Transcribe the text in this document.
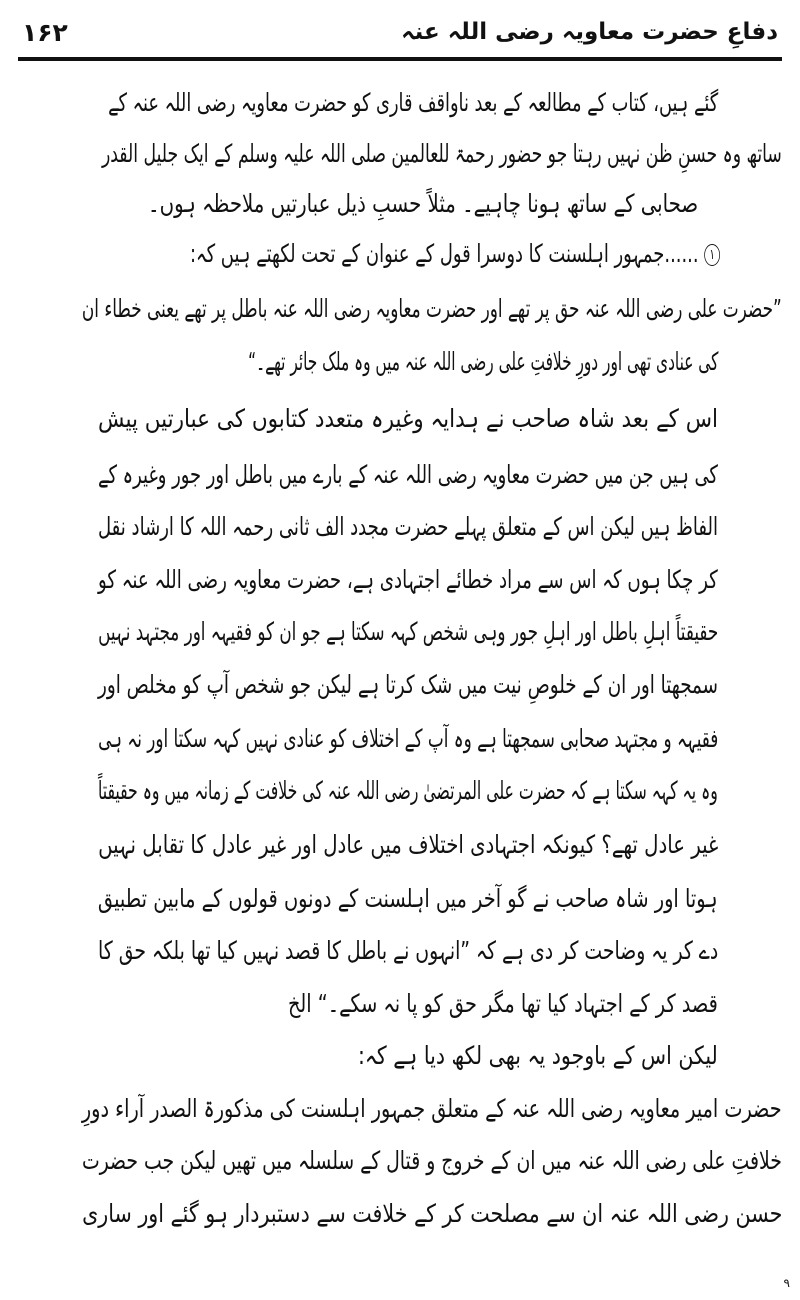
دفاعِ حضرت معاویہ رضی اللہ عنہ
۱۶۲
گئے ہیں، کتاب کے مطالعہ کے بعد ناواقف قاری کو حضرت معاویہ رضی اللہ عنہ کے
ساتھ وہ حسنِ ظن نہیں رہتا جو حضور رحمۃ للعالمین صلی اللہ علیہ وسلم کے ایک جلیل القدر
صحابی کے ساتھ ہونا چاہیے۔ مثلاً حسبِ ذیل عبارتیں ملاحظہ ہوں۔
۱ ......جمہور اہلسنت کا دوسرا قول کے عنوان کے تحت لکھتے ہیں کہ:
”حضرت علی رضی اللہ عنہ حق پر تھے اور حضرت معاویہ رضی اللہ عنہ باطل پر تھے یعنی خطاء ان
کی عنادی تھی اور دورِ خلافتِ علی رضی اللہ عنہ میں وہ ملک جائر تھے۔“
اس کے بعد شاہ صاحب نے ہدایہ وغیرہ متعدد کتابوں کی عبارتیں پیش
کی ہیں جن میں حضرت معاویہ رضی اللہ عنہ کے بارے میں باطل اور جور وغیرہ کے
الفاظ ہیں لیکن اس کے متعلق پہلے حضرت مجدد الف ثانی رحمہ اللہ کا ارشاد نقل
کر چکا ہوں کہ اس سے مراد خطائے اجتہادی ہے، حضرت معاویہ رضی اللہ عنہ کو
حقیقتاً اہلِ باطل اور اہلِ جور وہی شخص کہہ سکتا ہے جو ان کو فقیہہ اور مجتہد نہیں
سمجھتا اور ان کے خلوصِ نیت میں شک کرتا ہے لیکن جو شخص آپ کو مخلص اور
فقیہہ و مجتہد صحابی سمجھتا ہے وہ آپ کے اختلاف کو عنادی نہیں کہہ سکتا اور نہ ہی
وہ یہ کہہ سکتا ہے کہ حضرت علی المرتضیٰ رضی اللہ عنہ کی خلافت کے زمانہ میں وہ حقیقتاً
غیر عادل تھے؟ کیونکہ اجتہادی اختلاف میں عادل اور غیر عادل کا تقابل نہیں
ہوتا اور شاہ صاحب نے گو آخر میں اہلسنت کے دونوں قولوں کے مابین تطبیق
دے کر یہ وضاحت کر دی ہے کہ ”انہوں نے باطل کا قصد نہیں کیا تھا بلکہ حق کا
قصد کر کے اجتہاد کیا تھا مگر حق کو پا نہ سکے۔“ الخ
لیکن اس کے باوجود یہ بھی لکھ دیا ہے کہ:
حضرت امیر معاویہ رضی اللہ عنہ کے متعلق جمہور اہلسنت کی مذکورۃ الصدر آراء دورِ
خلافتِ علی رضی اللہ عنہ میں ان کے خروج و قتال کے سلسلہ میں تھیں لیکن جب حضرت
حسن رضی اللہ عنہ ان سے مصلحت کر کے خلافت سے دستبردار ہو گئے اور ساری
۹
